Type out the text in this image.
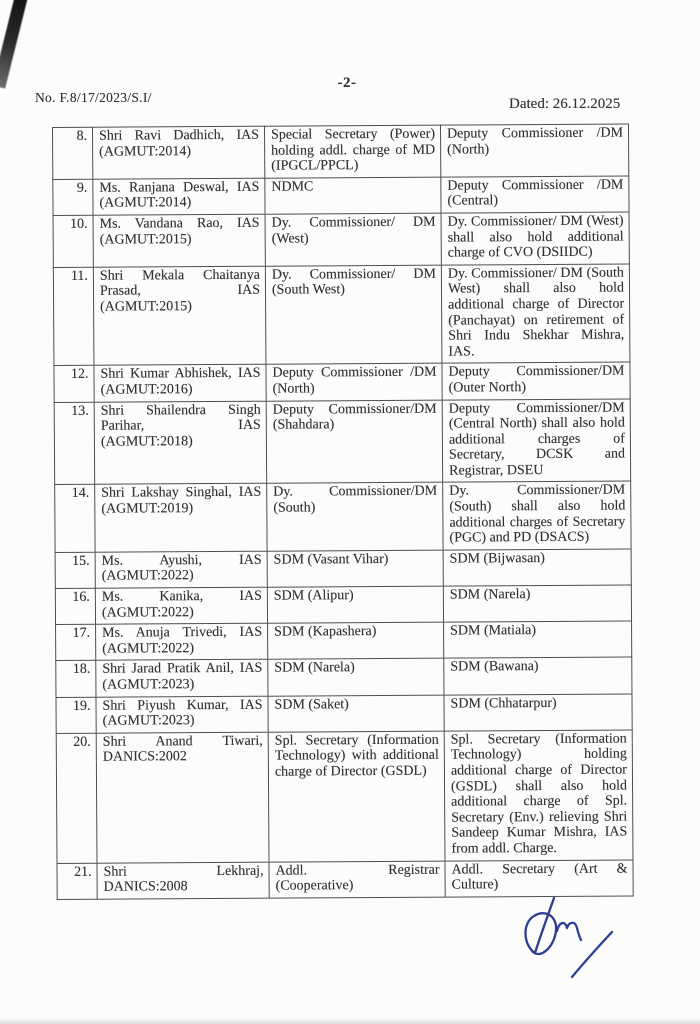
-2-
No. F.8/17/2023/S.I/	Dated: 26.12.2025
8.	Shri Ravi Dadhich, IAS (AGMUT:2014)	Special Secretary (Power) holding addl. charge of MD (IPGCL/PPCL)	Deputy Commissioner /DM (North)
9.	Ms. Ranjana Deswal, IAS (AGMUT:2014)	NDMC	Deputy Commissioner /DM (Central)
10.	Ms. Vandana Rao, IAS (AGMUT:2015)	Dy. Commissioner/ DM (West)	Dy. Commissioner/ DM (West) shall also hold additional charge of CVO (DSIIDC)
11.	Shri Mekala Chaitanya Prasad, IAS (AGMUT:2015)	Dy. Commissioner/ DM (South West)	Dy. Commissioner/ DM (South West) shall also hold additional charge of Director (Panchayat) on retirement of Shri Indu Shekhar Mishra, IAS.
12.	Shri Kumar Abhishek, IAS (AGMUT:2016)	Deputy Commissioner /DM (North)	Deputy Commissioner/DM (Outer North)
13.	Shri Shailendra Singh Parihar, IAS (AGMUT:2018)	Deputy Commissioner/DM (Shahdara)	Deputy Commissioner/DM (Central North) shall also hold additional charges of Secretary, DCSK and Registrar, DSEU
14.	Shri Lakshay Singhal, IAS (AGMUT:2019)	Dy. Commissioner/DM (South)	Dy. Commissioner/DM (South) shall also hold additional charges of Secretary (PGC) and PD (DSACS)
15.	Ms. Ayushi, IAS (AGMUT:2022)	SDM (Vasant Vihar)	SDM (Bijwasan)
16.	Ms. Kanika, IAS (AGMUT:2022)	SDM (Alipur)	SDM (Narela)
17.	Ms. Anuja Trivedi, IAS (AGMUT:2022)	SDM (Kapashera)	SDM (Matiala)
18.	Shri Jarad Pratik Anil, IAS (AGMUT:2023)	SDM (Narela)	SDM (Bawana)
19.	Shri Piyush Kumar, IAS (AGMUT:2023)	SDM (Saket)	SDM (Chhatarpur)
20.	Shri Anand Tiwari, DANICS:2002	Spl. Secretary (Information Technology) with additional charge of Director (GSDL)	Spl. Secretary (Information Technology) holding additional charge of Director (GSDL) shall also hold additional charge of Spl. Secretary (Env.) relieving Shri Sandeep Kumar Mishra, IAS from addl. Charge.
21.	Shri Lekhraj, DANICS:2008	Addl. Registrar (Cooperative)	Addl. Secretary (Art & Culture)
